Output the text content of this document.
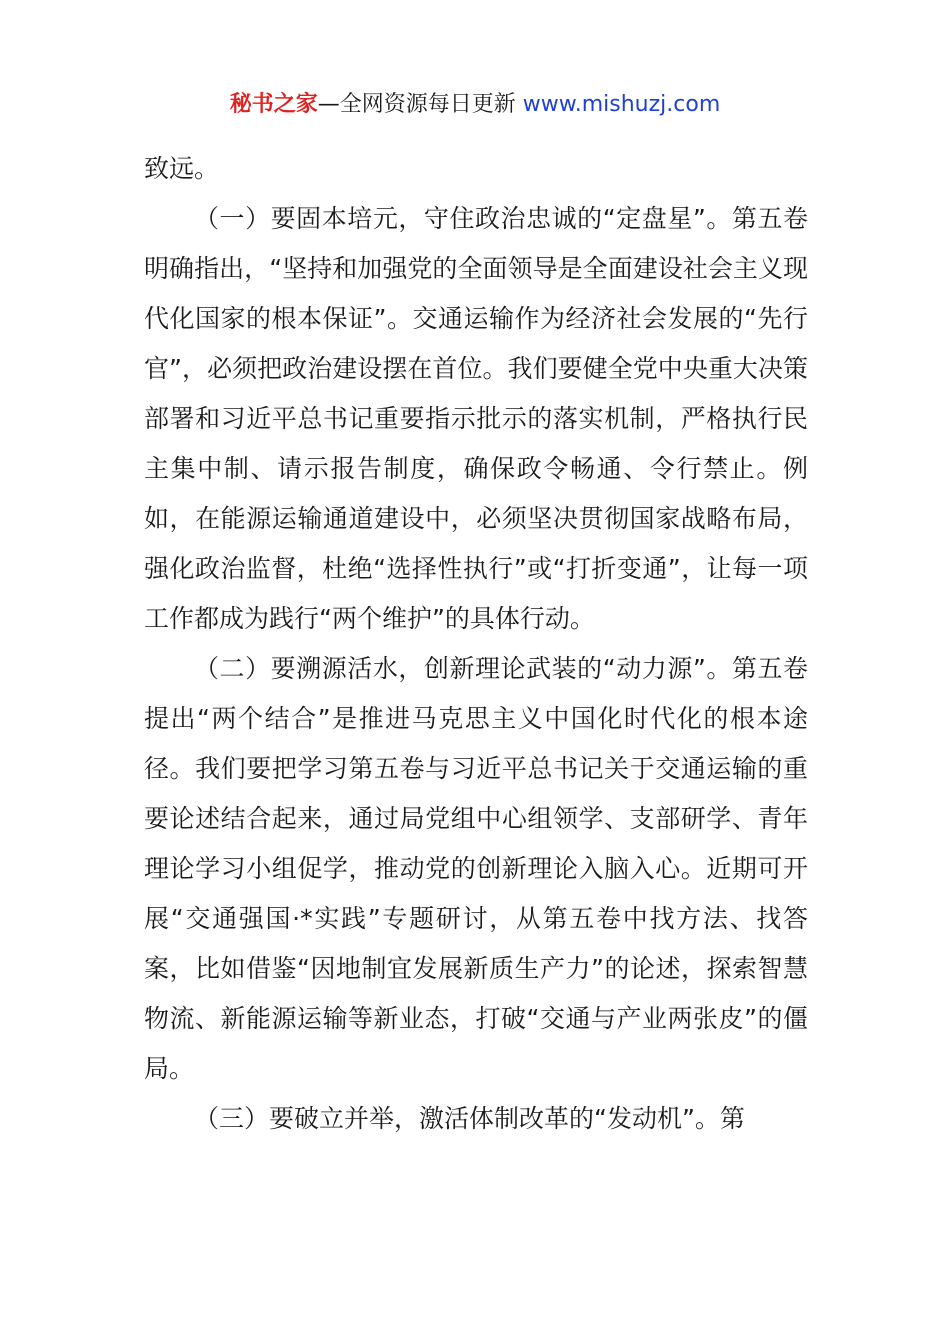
秘书之家—全网资源每日更新 www.mishuzj.com

致远。

（一）要固本培元，守住政治忠诚的“定盘星”。第五卷明确指出，“坚持和加强党的全面领导是全面建设社会主义现代化国家的根本保证”。交通运输作为经济社会发展的“先行官”，必须把政治建设摆在首位。我们要健全党中央重大决策部署和习近平总书记重要指示批示的落实机制，严格执行民主集中制、请示报告制度，确保政令畅通、令行禁止。例如，在能源运输通道建设中，必须坚决贯彻国家战略布局，强化政治监督，杜绝“选择性执行”或“打折变通”，让每一项工作都成为践行“两个维护”的具体行动。

（二）要溯源活水，创新理论武装的“动力源”。第五卷提出“两个结合”是推进马克思主义中国化时代化的根本途径。我们要把学习第五卷与习近平总书记关于交通运输的重要论述结合起来，通过局党组中心组领学、支部研学、青年理论学习小组促学，推动党的创新理论入脑入心。近期可开展“交通强国·*实践”专题研讨，从第五卷中找方法、找答案，比如借鉴“因地制宜发展新质生产力”的论述，探索智慧物流、新能源运输等新业态，打破“交通与产业两张皮”的僵局。

（三）要破立并举，激活体制改革的“发动机”。第
